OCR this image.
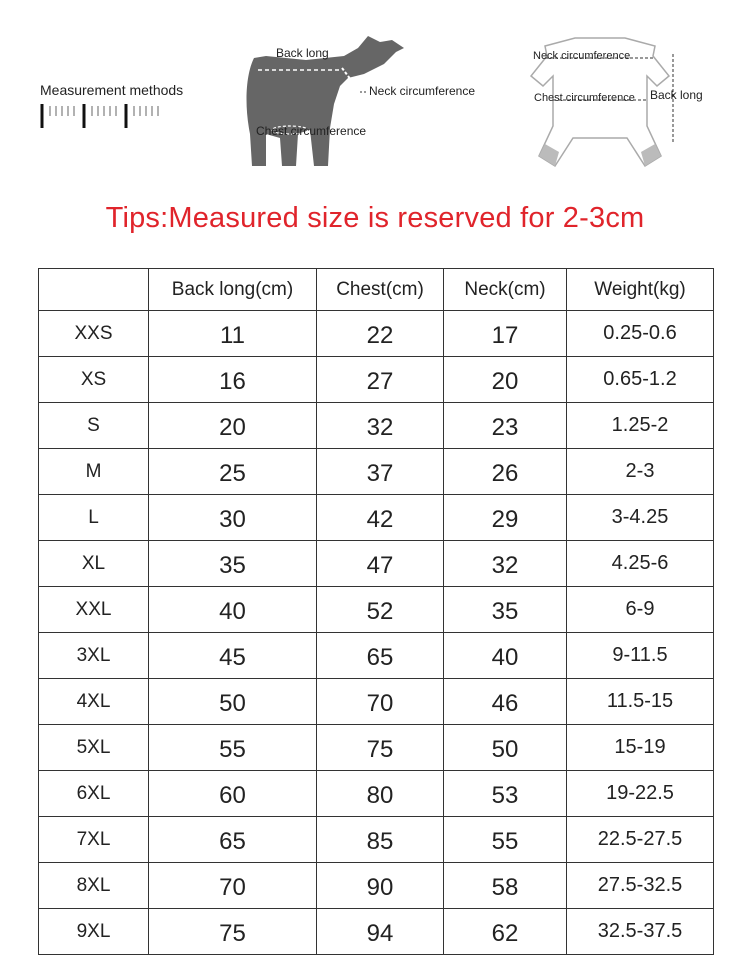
Measurement methods
Back long
Neck circumference
Chest circumference
Neck circumference
Chest circumference Back long
Tips:Measured size is reserved for 2-3cm
	Back long(cm)	Chest(cm)	Neck(cm)	Weight(kg)
XXS	11	22	17	0.25-0.6
XS	16	27	20	0.65-1.2
S	20	32	23	1.25-2
M	25	37	26	2-3
L	30	42	29	3-4.25
XL	35	47	32	4.25-6
XXL	40	52	35	6-9
3XL	45	65	40	9-11.5
4XL	50	70	46	11.5-15
5XL	55	75	50	15-19
6XL	60	80	53	19-22.5
7XL	65	85	55	22.5-27.5
8XL	70	90	58	27.5-32.5
9XL	75	94	62	32.5-37.5
